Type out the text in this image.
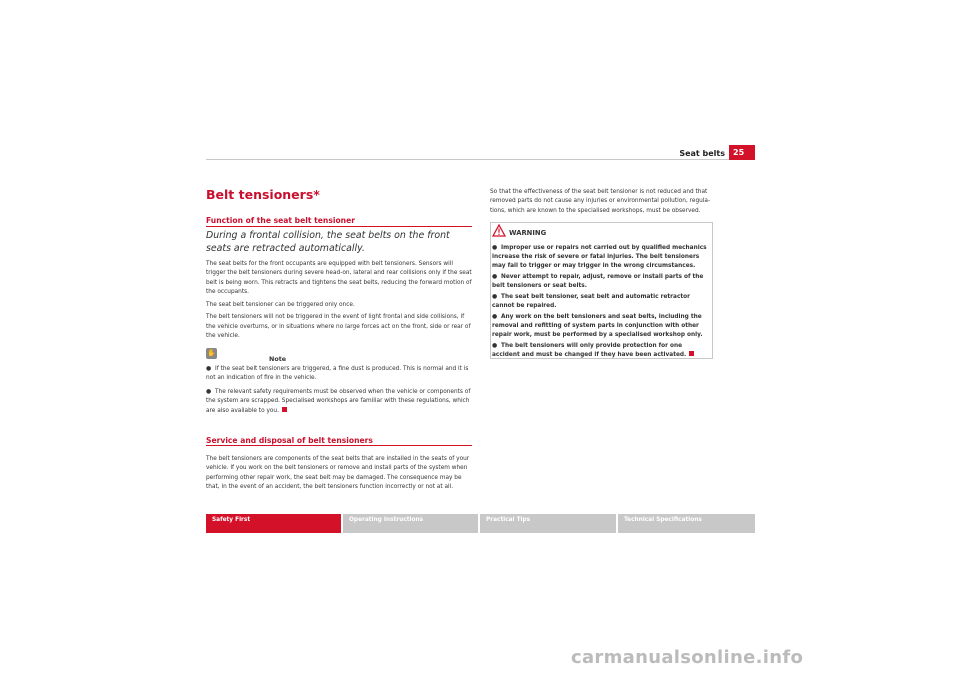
Seat belts	25
Belt tensioners*
Function of the seat belt tensioner
During a frontal collision, the seat belts on the front seats are retracted automatically.

The seat belts for the front occupants are equipped with belt tensioners. Sensors will trigger the belt tensioners during severe head-on, lateral and rear collisions only if the seat belt is being worn. This retracts and tightens the seat belts, reducing the forward motion of the occupants.

The seat belt tensioner can be triggered only once.

The belt tensioners will not be triggered in the event of light frontal and side collisions, if the vehicle overturns, or in situations where no large forces act on the front, side or rear of the vehicle.

✋
Note

● If the seat belt tensioners are triggered, a fine dust is produced. This is normal and it is not an indication of fire in the vehicle.

● The relevant safety requirements must be observed when the vehicle or components of the system are scrapped. Specialised workshops are familiar with these regulations, which are also available to you.

Service and disposal of belt tensioners

The belt tensioners are components of the seat belts that are installed in the seats of your vehicle. If you work on the belt tensioners or remove and install parts of the system when performing other repair work, the seat belt may be damaged. The consequence may be that, in the event of an accident, the belt tensioners function incorrectly or not at all.

So that the effectiveness of the seat belt tensioner is not reduced and that removed parts do not cause any injuries or environmental pollution, regula-tions, which are known to the specialised workshops, must be observed.

WARNING

● Improper use or repairs not carried out by qualified mechanics increase the risk of severe or fatal injuries. The belt tensioners may fail to trigger or may trigger in the wrong circumstances.

● Never attempt to repair, adjust, remove or install parts of the belt tensioners or seat belts.

● The seat belt tensioner, seat belt and automatic retractor cannot be repaired.

● Any work on the belt tensioners and seat belts, including the removal and refitting of system parts in conjunction with other repair work, must be performed by a specialised workshop only.

● The belt tensioners will only provide protection for one accident and must be changed if they have been activated.

Safety First	Operating Instructions	Practical Tips	Technical Specifications
carmanualsonline.info
